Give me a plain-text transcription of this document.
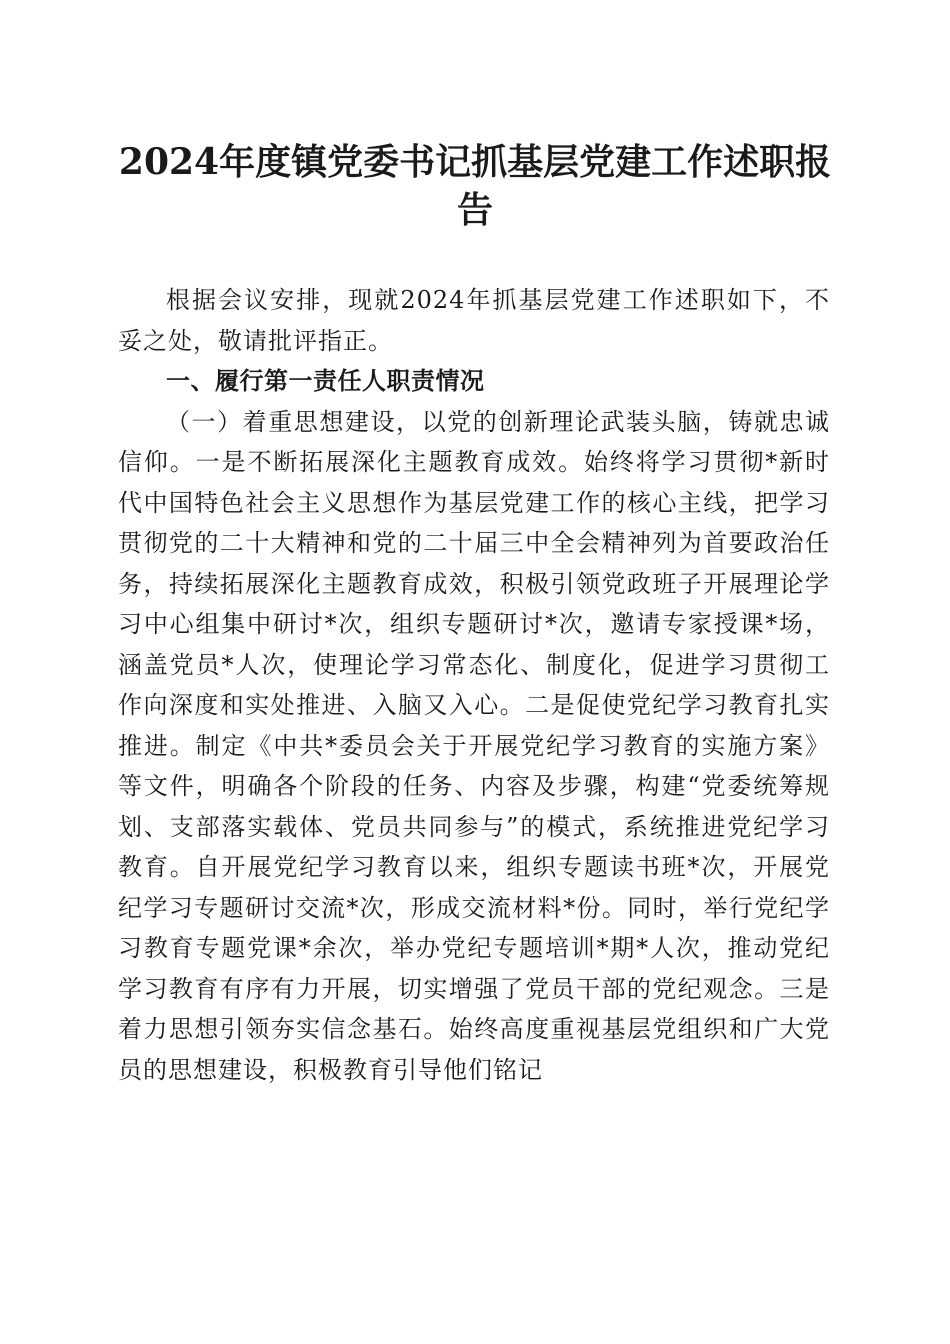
2024年度镇党委书记抓基层党建工作述职报告

根据会议安排，现就2024年抓基层党建工作述职如下，不妥之处，敬请批评指正。

一、履行第一责任人职责情况

（一）着重思想建设，以党的创新理论武装头脑，铸就忠诚信仰。一是不断拓展深化主题教育成效。始终将学习贯彻*新时代中国特色社会主义思想作为基层党建工作的核心主线，把学习贯彻党的二十大精神和党的二十届三中全会精神列为首要政治任务，持续拓展深化主题教育成效，积极引领党政班子开展理论学习中心组集中研讨*次，组织专题研讨*次，邀请专家授课*场，涵盖党员*人次，使理论学习常态化、制度化，促进学习贯彻工作向深度和实处推进、入脑又入心。二是促使党纪学习教育扎实推进。制定《中共*委员会关于开展党纪学习教育的实施方案》等文件，明确各个阶段的任务、内容及步骤，构建“党委统筹规划、支部落实载体、党员共同参与”的模式，系统推进党纪学习教育。自开展党纪学习教育以来，组织专题读书班*次，开展党纪学习专题研讨交流*次，形成交流材料*份。同时，举行党纪学习教育专题党课*余次，举办党纪专题培训*期*人次，推动党纪学习教育有序有力开展，切实增强了党员干部的党纪观念。三是着力思想引领夯实信念基石。始终高度重视基层党组织和广大党员的思想建设，积极教育引导他们铭记
